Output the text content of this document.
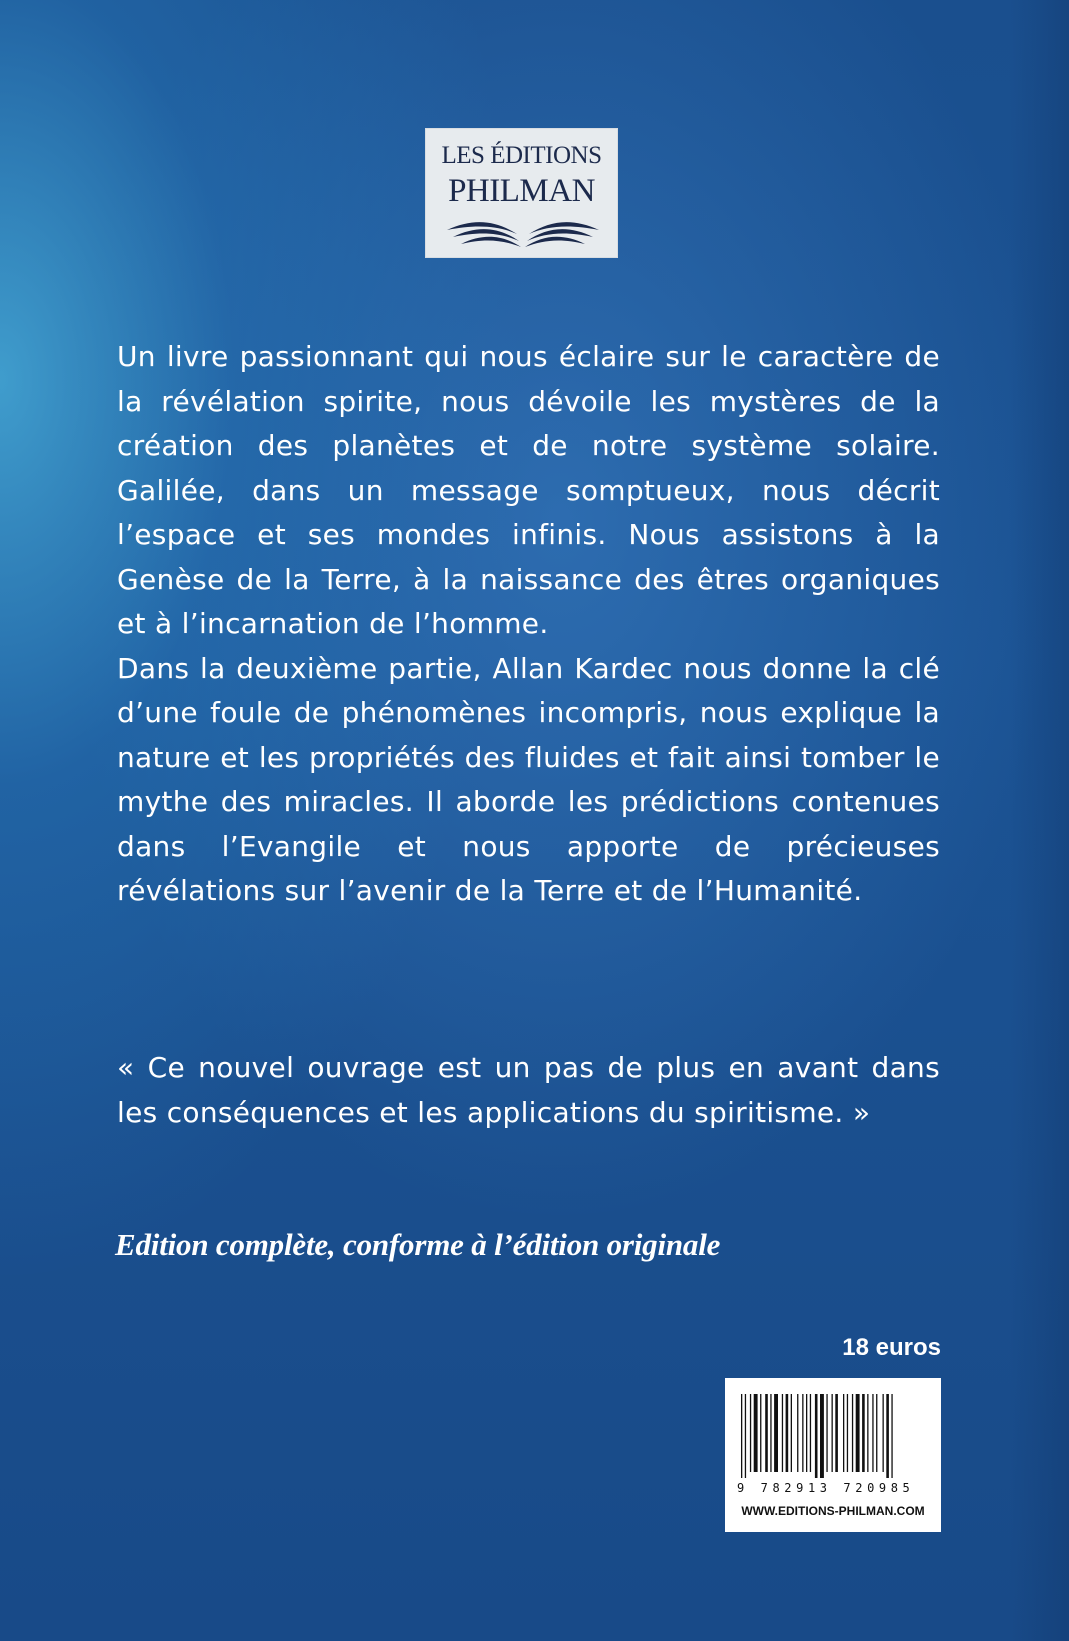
LES ÉDITIONS
PHILMAN

Un livre passionnant qui nous éclaire sur le caractère de la révélation spirite, nous dévoile les mystères de la création des planètes et de notre système solaire. Galilée, dans un message somptueux, nous décrit l’espace et ses mondes infinis. Nous assistons à la Genèse de la Terre, à la naissance des êtres organiques et à l’incarnation de l’homme.

Dans la deuxième partie, Allan Kardec nous donne la clé d’une foule de phénomènes incompris, nous explique la nature et les propriétés des fluides et fait ainsi tomber le mythe des miracles. Il aborde les prédictions contenues dans l’Evangile et nous apporte de précieuses révélations sur l’avenir de la Terre et de l’Humanité.

« Ce nouvel ouvrage est un pas de plus en avant dans les conséquences et les applications du spiritisme. »

Edition complète, conforme à l’édition originale
18 euros
9 782913 720985
WWW.EDITIONS-PHILMAN.COM
